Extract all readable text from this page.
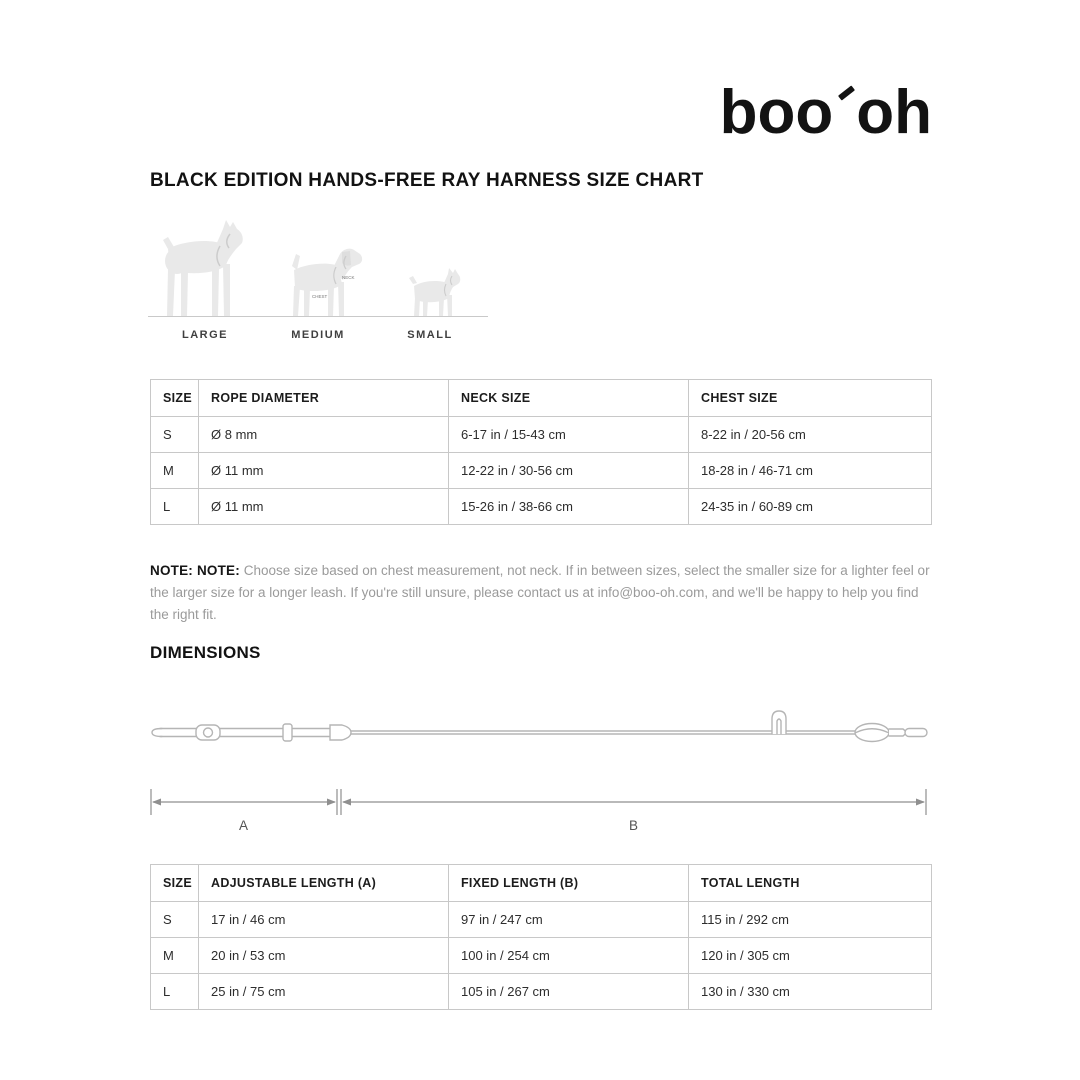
boo oh
BLACK EDITION HANDS-FREE RAY HARNESS SIZE CHART
NECK
CHEST
LARGE	MEDIUM	SMALL
SIZE	ROPE DIAMETER	NECK SIZE	CHEST SIZE
S	Ø 8 mm	6-17 in / 15-43 cm	8-22 in / 20-56 cm
M	Ø 11 mm	12-22 in / 30-56 cm	18-28 in / 46-71 cm
L	Ø 11 mm	15-26 in / 38-66 cm	24-35 in / 60-89 cm

NOTE: NOTE: Choose size based on chest measurement, not neck. If in between sizes, select the smaller size for a lighter feel or the larger size for a longer leash. If you're still unsure, please contact us at info@boo-oh.com, and we'll be happy to help you find the right fit.

DIMENSIONS
A	B
SIZE	ADJUSTABLE LENGTH (A)	FIXED LENGTH (B)	TOTAL LENGTH
S	17 in / 46 cm	97 in / 247 cm	115 in / 292 cm
M	20 in / 53 cm	100 in / 254 cm	120 in / 305 cm
L	25 in / 75 cm	105 in / 267 cm	130 in / 330 cm
